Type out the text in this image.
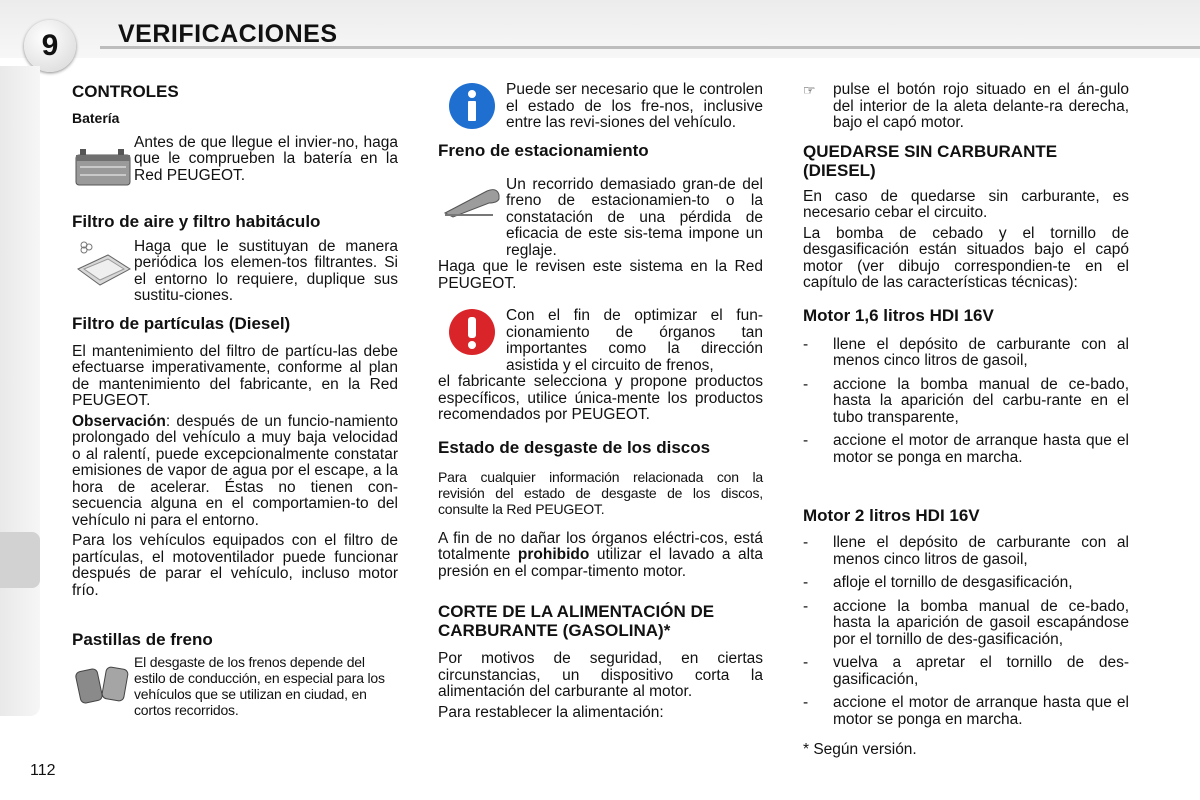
9	VERIFICACIONES
112
CONTROLES
Batería

Antes de que llegue el invier-no, haga que le comprueben la batería en la Red PEUGEOT.

Filtro de aire y filtro habitáculo

Haga que le sustituyan de manera periódica los elemen-tos filtrantes. Si el entorno lo requiere, duplique sus sustitu-ciones.

Filtro de partículas (Diesel)

El mantenimiento del filtro de partícu-las debe efectuarse imperativamente, conforme al plan de mantenimiento del fabricante, en la Red PEUGEOT.

Observación: después de un funcio-namiento prolongado del vehículo a muy baja velocidad o al ralentí, puede excepcionalmente constatar emisiones de vapor de agua por el escape, a la hora de acelerar. Éstas no tienen con-secuencia alguna en el comportamien-to del vehículo ni para el entorno.

Para los vehículos equipados con el filtro de partículas, el motoventilador puede funcionar después de parar el vehículo, incluso motor frío.

Pastillas de freno

El desgaste de los frenos depende del estilo de conducción, en especial para los vehículos que se utilizan en ciudad, en cortos recorridos.

Puede ser necesario que le controlen el estado de los fre-nos, inclusive entre las revi-siones del vehículo.

Freno de estacionamiento

Un recorrido demasiado gran-de del freno de estacionamien-to o la constatación de una pérdida de eficacia de este sis-tema impone un reglaje.

Haga que le revisen este sistema en la Red PEUGEOT.

Con el fin de optimizar el fun-cionamiento de órganos tan importantes como la dirección asistida y el circuito de frenos,

el fabricante selecciona y propone productos específicos, utilice única-mente los productos recomendados por PEUGEOT.

Estado de desgaste de los discos

Para cualquier información relacionada con la revisión del estado de desgaste de los discos, consulte la Red PEUGEOT.

A fin de no dañar los órganos eléctri-cos, está totalmente prohibido utilizar el lavado a alta presión en el compar-timento motor.

CORTE DE LA ALIMENTACIÓN DE CARBURANTE (GASOLINA)*

Por motivos de seguridad, en ciertas circunstancias, un dispositivo corta la alimentación del carburante al motor.

Para restablecer la alimentación:

☞ pulse el botón rojo situado en el án-gulo del interior de la aleta delante-ra derecha, bajo el capó motor.

QUEDARSE SIN CARBURANTE (DIESEL)

En caso de quedarse sin carburante, es necesario cebar el circuito.

La bomba de cebado y el tornillo de desgasificación están situados bajo el capó motor (ver dibujo correspondien-te en el capítulo de las características técnicas):

Motor 1,6 litros HDI 16V
- llene el depósito de carburante con al menos cinco litros de gasoil,
- accione la bomba manual de ce-bado, hasta la aparición del carbu-rante en el tubo transparente,
- accione el motor de arranque hasta que el motor se ponga en marcha.
Motor 2 litros HDI 16V
- llene el depósito de carburante con al menos cinco litros de gasoil,
- afloje el tornillo de desgasificación,
- accione la bomba manual de ce-bado, hasta la aparición de gasoil escapándose por el tornillo de des-gasificación,
- vuelva a apretar el tornillo de des-gasificación,
- accione el motor de arranque hasta que el motor se ponga en marcha.

* Según versión.
